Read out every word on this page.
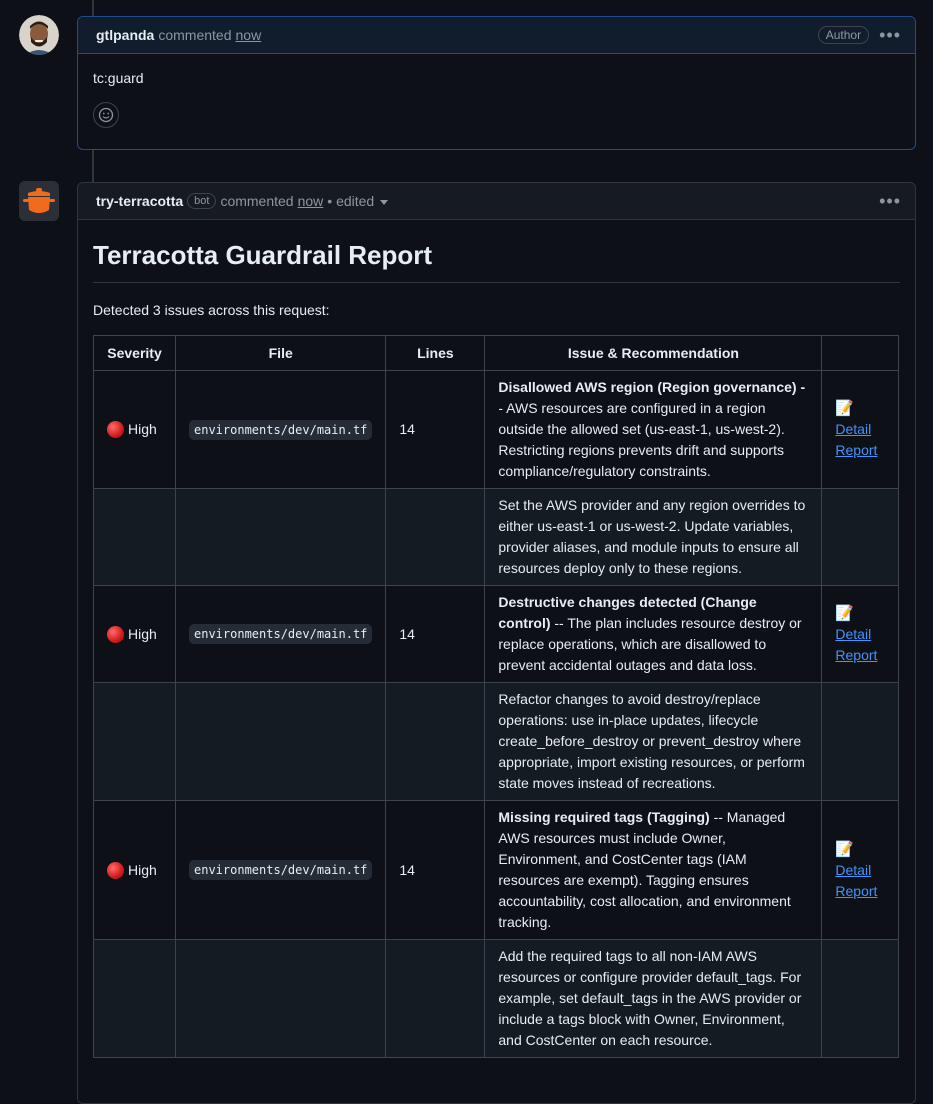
gtlpanda commented now	Author	•••
tc:guard
try-terracotta	bot commented now • edited	•••
Terracotta Guardrail Report
Detected 3 issues across this request:
Severity	File	Lines	Issue & Recommendation	

High	environments/dev/main.tf	14	Disallowed AWS region (Region governance) - - AWS resources are configured in a region outside the allowed set (us-east-1, us-west-2). Restricting regions prevents drift and supports compliance/regulatory constraints.	📝
Detail Report
			Set the AWS provider and any region overrides to either us-east-1 or us-west-2. Update variables, provider aliases, and module inputs to ensure all resources deploy only to these regions.	

High	environments/dev/main.tf	14	Destructive changes detected (Change control) -- The plan includes resource destroy or replace operations, which are disallowed to prevent accidental outages and data loss.	📝
Detail Report
			Refactor changes to avoid destroy/replace operations: use in-place updates, lifecycle create_before_destroy or prevent_destroy where appropriate, import existing resources, or perform state moves instead of recreations.	

High	environments/dev/main.tf	14	Missing required tags (Tagging) -- Managed AWS resources must include Owner, Environment, and CostCenter tags (IAM resources are exempt). Tagging ensures accountability, cost allocation, and environment tracking.	📝
Detail Report
			Add the required tags to all non-IAM AWS resources or configure provider default_tags. For example, set default_tags in the AWS provider or include a tags block with Owner, Environment, and CostCenter on each resource.	
